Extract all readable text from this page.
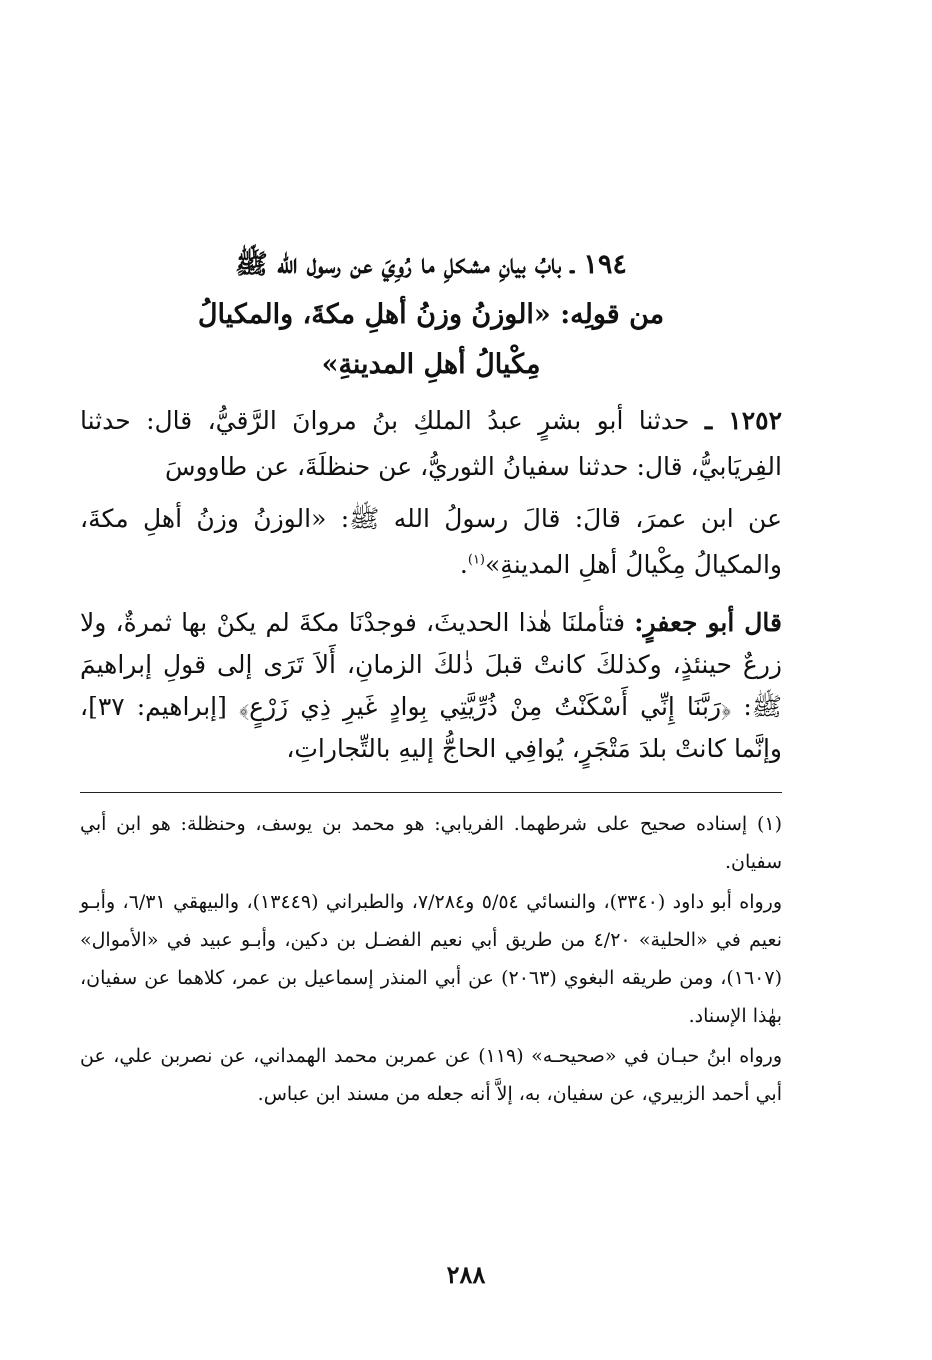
١٩٤ ـ بابُ بيانِ مشكلِ ما رُوِيَ عن رسول الله ﷺ
من قولِه: «الوزنُ وزنُ أهلِ مكةَ، والمكيالُ
مِكْيالُ أهلِ المدينةِ»

١٢٥٢ ـ حدثنا أبو بشرٍ عبدُ الملكِ بنُ مروانَ الرَّقيُّ، قال: حدثنا الفِريَابيُّ، قال: حدثنا سفيانُ الثوريُّ، عن حنظلَةَ، عن طاووسَ

عن ابن عمرَ، قالَ: قالَ رسولُ الله ﷺ: «الوزنُ وزنُ أهلِ مكةَ، والمكيالُ مِكْيالُ أهلِ المدينةِ»$^{(١)}$.

قال أبو جعفرٍ: فتأملنَا هٰذا الحديثَ، فوجدْنَا مكةَ لم يكنْ بها ثمرةٌ، ولا زرعٌ حينئذٍ، وكذلكَ كانتْ قبلَ ذٰلكَ الزمانِ، أَلاَ تَرَى إلى قولِ إبراهيمَ ﷺ: ﴿رَبَّنَا إِنِّي أَسْكَنْتُ مِنْ ذُرِّيَّتِي بِوادٍ غَيرِ ذِي زَرْعٍ﴾ [إبراهيم: ٣٧]، وإنَّما كانتْ بلدَ مَتْجَرٍ، يُوافِي الحاجُّ إليهِ بالتِّجاراتِ،

(١) إسناده صحيح على شرطهما. الفريابي: هو محمد بن يوسف، وحنظلة: هو ابن أبي سفيان.

ورواه أبو داود (٣٣٤٠)، والنسائي ٥/٥٤ و٧/٢٨٤، والطبراني (١٣٤٤٩)، والبيهقي ٦/٣١، وأبـو نعيم في «الحلية» ٤/٢٠ من طريق أبي نعيم الفضـل بن دكين، وأبـو عبيد في «الأموال» (١٦٠٧)، ومن طريقه البغوي (٢٠٦٣) عن أبي المنذر إسماعيل بن عمر، كلاهما عن سفيان، بهٰذا الإسناد.

ورواه ابنُ حبـان في «صحيحـه» (١١٩) عن عمربن محمد الهمداني، عن نصربن علي، عن أبي أحمد الزبيري، عن سفيان، به، إلاَّ أنه جعله من مسند ابن عباس.

٢٨٨
